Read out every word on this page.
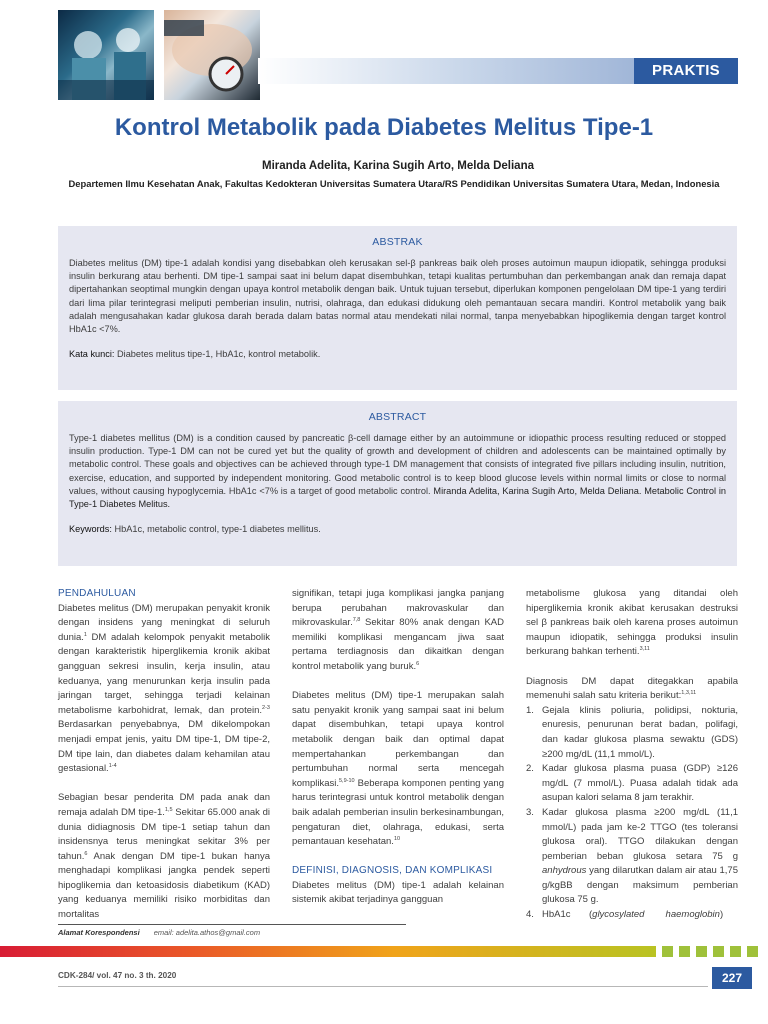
PRAKTIS
Kontrol Metabolik pada Diabetes Melitus Tipe-1
Miranda Adelita, Karina Sugih Arto, Melda Deliana
Departemen Ilmu Kesehatan Anak, Fakultas Kedokteran Universitas Sumatera Utara/RS Pendidikan Universitas Sumatera Utara, Medan, Indonesia
ABSTRAK
Diabetes melitus (DM) tipe-1 adalah kondisi yang disebabkan oleh kerusakan sel-β pankreas baik oleh proses autoimun maupun idiopatik, sehingga produksi insulin berkurang atau berhenti. DM tipe-1 sampai saat ini belum dapat disembuhkan, tetapi kualitas pertumbuhan dan perkembangan anak dan remaja dapat dipertahankan seoptimal mungkin dengan upaya kontrol metabolik dengan baik. Untuk tujuan tersebut, diperlukan komponen pengelolaan DM tipe-1 yang terdiri dari lima pilar terintegrasi meliputi pemberian insulin, nutrisi, olahraga, dan edukasi didukung oleh pemantauan secara mandiri. Kontrol metabolik yang baik adalah mengusahakan kadar glukosa darah berada dalam batas normal atau mendekati nilai normal, tanpa menyebabkan hipoglikemia dengan target kontrol HbA1c <7%.
Kata kunci: Diabetes melitus tipe-1, HbA1c, kontrol metabolik.
ABSTRACT
Type-1 diabetes mellitus (DM) is a condition caused by pancreatic β-cell damage either by an autoimmune or idiopathic process resulting reduced or stopped insulin production. Type-1 DM can not be cured yet but the quality of growth and development of children and adolescents can be maintained optimally by metabolic control. These goals and objectives can be achieved through type-1 DM management that consists of integrated five pillars including insulin, nutrition, exercise, education, and supported by independent monitoring. Good metabolic control is to keep blood glucose levels within normal limits or close to normal values, without causing hypoglycemia. HbA1c <7% is a target of good metabolic control. Miranda Adelita, Karina Sugih Arto, Melda Deliana. Metabolic Control in Type-1 Diabetes Melitus.
Keywords: HbA1c, metabolic control, type-1 diabetes mellitus.
PENDAHULUAN
Diabetes melitus (DM) merupakan penyakit kronik dengan insidens yang meningkat di seluruh dunia.$^1$ DM adalah kelompok penyakit metabolik dengan karakteristik hiperglikemia kronik akibat gangguan sekresi insulin, kerja insulin, atau keduanya, yang menurunkan kerja insulin pada jaringan target, sehingga terjadi kelainan metabolisme karbohidrat, lemak, dan protein.$^{2-3}$ Berdasarkan penyebabnya, DM dikelompokan menjadi empat jenis, yaitu DM tipe-1, DM tipe-2, DM tipe lain, dan diabetes dalam kehamilan atau gestasional.$^{1-4}$
Sebagian besar penderita DM pada anak dan remaja adalah DM tipe-1.$^{1,5}$ Sekitar 65.000 anak di dunia didiagnosis DM tipe-1 setiap tahun dan insidensnya terus meningkat sekitar 3% per tahun.$^6$ Anak dengan DM tipe-1 bukan hanya menghadapi komplikasi jangka pendek seperti hipoglikemia dan ketoasidosis diabetikum (KAD) yang keduanya memiliki risiko morbiditas dan mortalitas
signifikan, tetapi juga komplikasi jangka panjang berupa perubahan makrovaskular dan mikrovaskular.$^{7,8}$ Sekitar 80% anak dengan KAD memiliki komplikasi mengancam jiwa saat pertama terdiagnosis dan dikaitkan dengan kontrol metabolik yang buruk.$^6$
Diabetes melitus (DM) tipe-1 merupakan salah satu penyakit kronik yang sampai saat ini belum dapat disembuhkan, tetapi upaya kontrol metabolik dengan baik dan optimal dapat mempertahankan perkembangan dan pertumbuhan normal serta mencegah komplikasi.$^{5,9-10}$ Beberapa komponen penting yang harus terintegrasi untuk kontrol metabolik dengan baik adalah pemberian insulin berkesinambungan, pengaturan diet, olahraga, edukasi, serta pemantauan kesehatan.$^{10}$
DEFINISI, DIAGNOSIS, DAN KOMPLIKASI
Diabetes melitus (DM) tipe-1 adalah kelainan sistemik akibat terjadinya gangguan
metabolisme glukosa yang ditandai oleh hiperglikemia kronik akibat kerusakan destruksi sel β pankreas baik oleh karena proses autoimun maupun idiopatik, sehingga produksi insulin berkurang bahkan terhenti.$^{3,11}$
Diagnosis DM dapat ditegakkan apabila memenuhi salah satu kriteria berikut:$^{1,3,11}$
1. Gejala klinis poliuria, polidipsi, nokturia, enuresis, penurunan berat badan, polifagi, dan kadar glukosa plasma sewaktu (GDS) ≥200 mg/dL (11,1 mmol/L).
2. Kadar glukosa plasma puasa (GDP) ≥126 mg/dL (7 mmol/L). Puasa adalah tidak ada asupan kalori selama 8 jam terakhir.
3. Kadar glukosa plasma ≥200 mg/dL (11,1 mmol/L) pada jam ke-2 TTGO (tes toleransi glukosa oral). TTGO dilakukan dengan pemberian beban glukosa setara 75 g anhydrous yang dilarutkan dalam air atau 1,75 g/kgBB dengan maksimum pemberian glukosa 75 g.
4. HbA1c       (glycosylated        haemoglobin)
Alamat Korespondensi email: adelita.athos@gmail.com
CDK-284/ vol. 47 no. 3 th. 2020	227
